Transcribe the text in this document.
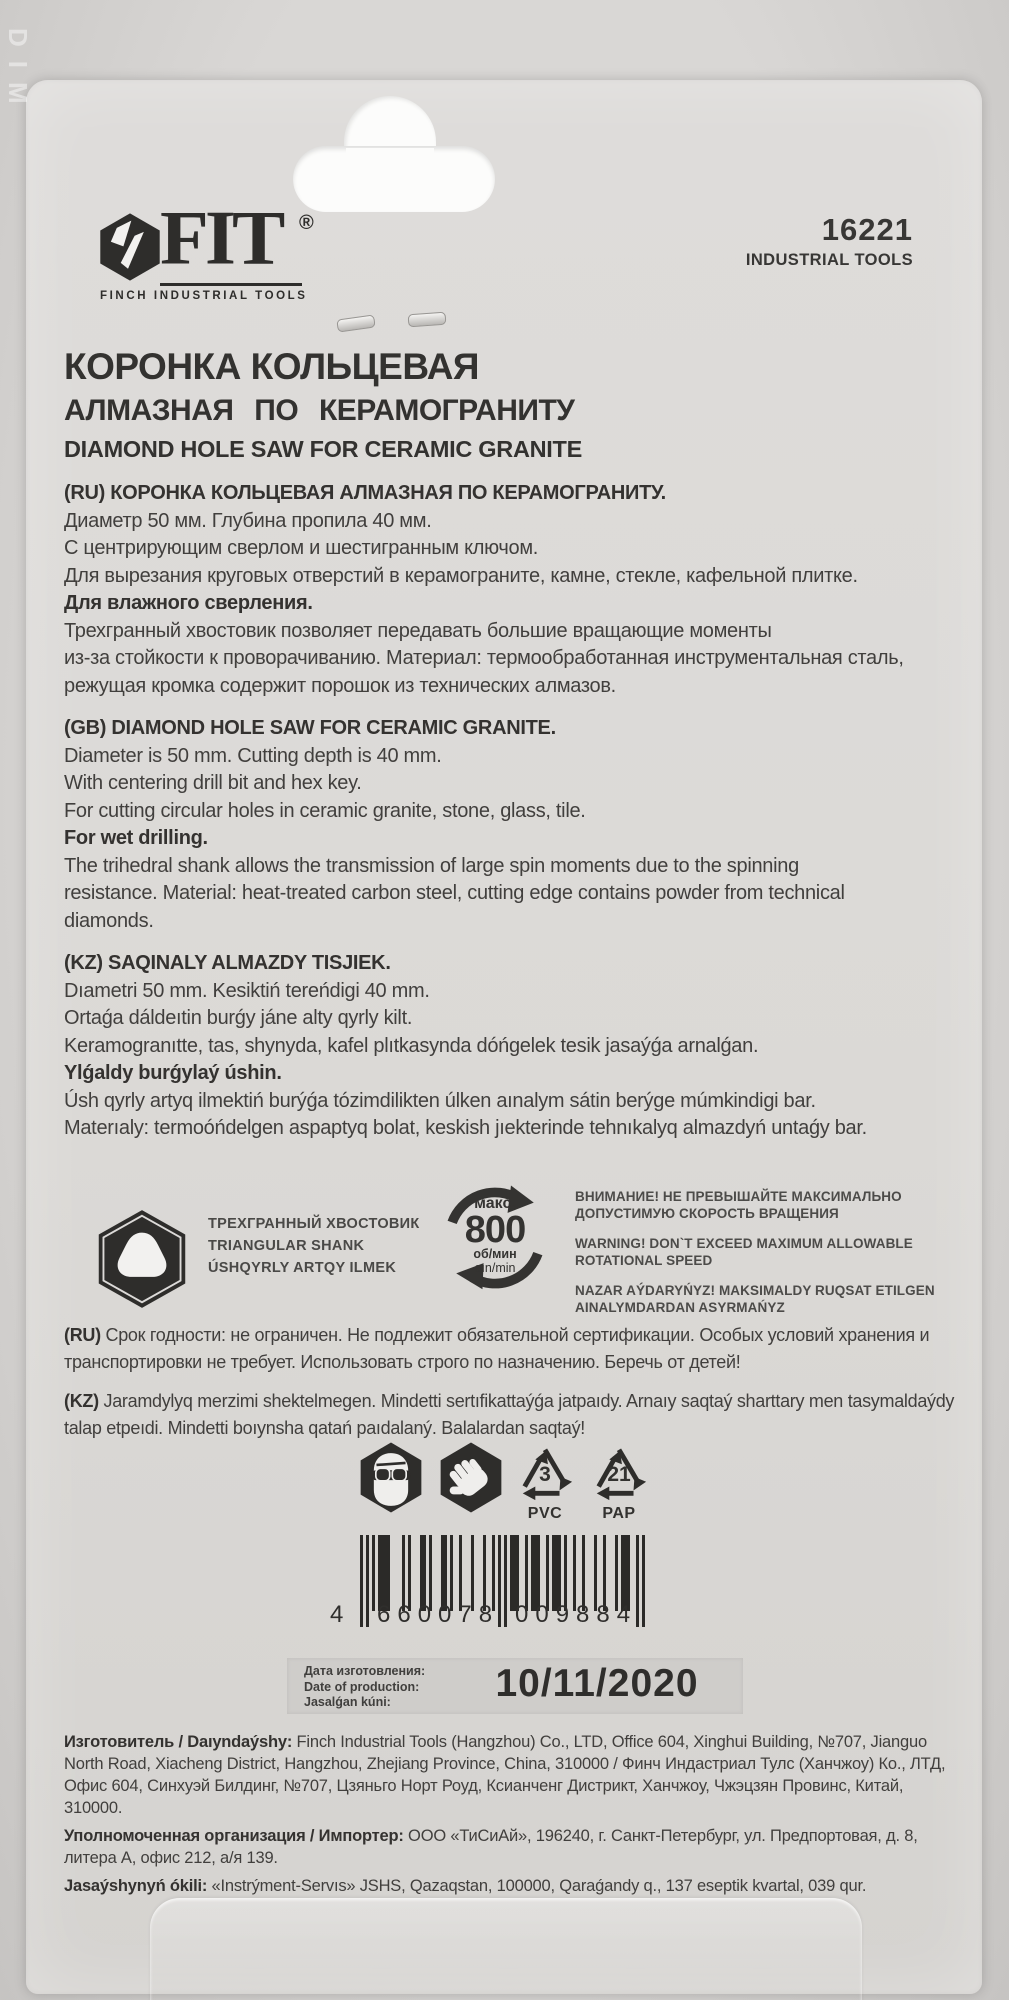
DIM
FIT ®
FINCH INDUSTRIAL TOOLS
16221
INDUSTRIAL TOOLS
КОРОНКА КОЛЬЦЕВАЯ
АЛМАЗНАЯ ПО КЕРАМОГРАНИТУ
DIAMOND HOLE SAW FOR CERAMIC GRANITE
(RU) КОРОНКА КОЛЬЦЕВАЯ АЛМАЗНАЯ ПО КЕРАМОГРАНИТУ.
Диаметр 50 мм. Глубина пропила 40 мм.
С центрирующим сверлом и шестигранным ключом.
Для вырезания круговых отверстий в керамограните, камне, стекле, кафельной плитке.
Для влажного сверления.
Трехгранный хвостовик позволяет передавать большие вращающие моменты
из-за стойкости к проворачиванию. Материал: термообработанная инструментальная сталь,
режущая кромка содержит порошок из технических алмазов.
(GB) DIAMOND HOLE SAW FOR CERAMIC GRANITE.
Diameter is 50 mm. Cutting depth is 40 mm.
With centering drill bit and hex key.
For cutting circular holes in ceramic granite, stone, glass, tile.
For wet drilling.
The trihedral shank allows the transmission of large spin moments due to the spinning
resistance. Material: heat-treated carbon steel, cutting edge contains powder from technical
diamonds.
(KZ) SAQINALY ALMAZDY TISJIEK.
Dıametri 50 mm. Kesiktiń tereńdigi 40 mm.
Ortaǵa dáldeıtin burǵy jáne alty qyrly kilt.
Keramogranıtte, tas, shynyda, kafel plıtkasynda dóńgelek tesik jasaýǵa arnalǵan.
Ylǵaldy burǵylaý úshin.
Úsh qyrly artyq ilmektiń burýǵa tózimdilikten úlken aınalym sátin berýge múmkindigi bar.
Materıaly: termoóńdelgen aspaptyq bolat, keskish jıekterinde tehnıkalyq almazdyń untaǵy bar.
ТРЕХГРАННЫЙ ХВОСТОВИК
TRIANGULAR SHANK
ÚSHQYRLY ARTQY ILMEK
макс.
800
об/мин
aın/min
ВНИМАНИЕ! НЕ ПРЕВЫШАЙТЕ МАКСИМАЛЬНО
ДОПУСТИМУЮ СКОРОСТЬ ВРАЩЕНИЯ
WARNING! DON`T EXCEED MAXIMUM ALLOWABLE
ROTATIONAL SPEED
NAZAR AÝDARYŃYZ! MAKSIMALDY RUQSAT ETILGEN
AINALYMDARDAN ASYRMAŃYZ
(RU) Срок годности: не ограничен. Не подлежит обязательной сертификации. Особых условий хранения и транспортировки не требует. Использовать строго по назначению. Беречь от детей!
(KZ) Jaramdylyq merzimi shektelmegen. Mindetti sertıfikattaýǵa jatpaıdy. Arnaıy saqtaý sharttary men tasymaldaýdy talap etpeıdi. Mindetti boıynsha qatań paıdalaný. Balalardan saqtaý!
3
PVC
21
PAP
4 660078 009884
Дата изготовления:
Date of production:
Jasalǵan kúni:	10/11/2020

Изготовитель / Daıyndaýshy: Finch Industrial Tools (Hangzhou) Co., LTD, Office 604, Xinghui Building, №707, Jianguo North Road, Xiacheng District, Hangzhou, Zhejiang Province, China, 310000 / Финч Индастриал Тулс (Ханчжоу) Ко., ЛТД, Офис 604, Синхуэй Билдинг, №707, Цзяньго Норт Роуд, Ксианченг Дистрикт, Ханчжоу, Чжэцзян Провинс, Китай, 310000.

Уполномоченная организация / Импортер: ООО «ТиСиАй», 196240, г. Санкт-Петербург, ул. Предпортовая, д. 8, литера А, офис 212, а/я 139.

Jasaýshynyń ókili: «Instrýment-Servıs» JSHS, Qazaqstan, 100000, Qaraǵandy q., 137 eseptik kvartal, 039 qur.
